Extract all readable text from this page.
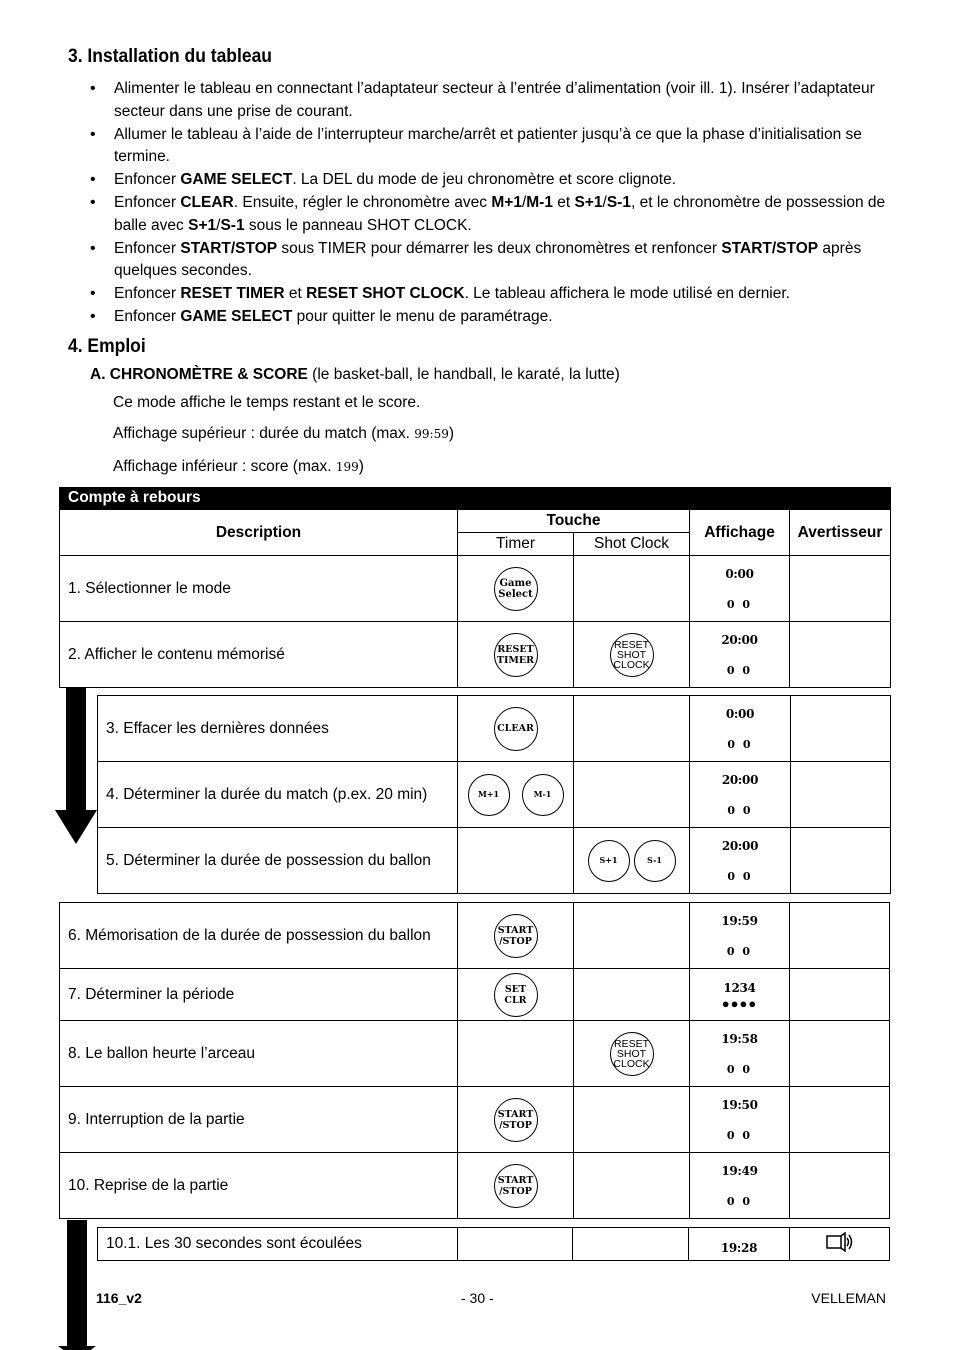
3. Installation du tableau
• Alimenter le tableau en connectant l’adaptateur secteur à l’entrée d’alimentation (voir ill. 1). Insérer l’adaptateur secteur dans une prise de courant.
• Allumer le tableau à l’aide de l’interrupteur marche/arrêt et patienter jusqu’à ce que la phase d’initialisation se termine.
• Enfoncer GAME SELECT. La DEL du mode de jeu chronomètre et score clignote.
• Enfoncer CLEAR. Ensuite, régler le chronomètre avec M+1/M-1 et S+1/S-1, et le chronomètre de possession de balle avec S+1/S-1 sous le panneau SHOT CLOCK.
• Enfoncer START/STOP sous TIMER pour démarrer les deux chronomètres et renfoncer START/STOP après quelques secondes.
• Enfoncer RESET TIMER et RESET SHOT CLOCK. Le tableau affichera le mode utilisé en dernier.
• Enfoncer GAME SELECT pour quitter le menu de paramétrage.
4. Emploi
A. CHRONOMÈTRE & SCORE (le basket-ball, le handball, le karaté, la lutte)
Ce mode affiche le temps restant et le score.
Affichage supérieur : durée du match (max. 99:59)
Affichage inférieur : score (max. 199)
Compte à rebours
Description	Touche		Affichage	Avertisseur
	Timer	Shot Clock		
1. Sélectionner le mode	Game
Select		0:00
0 0	

2. Afficher le contenu mémorisé	RESET
TIMER	RESET
SHOT
CLOCK	20:00
0 0	

3. Effacer les dernières données	CLEAR		0:00
0 0	

4. Déterminer la durée du match (p.ex. 20 min)	M+1 M-1		20:00
0 0	

5. Déterminer la durée de possession du ballon		S+1 S-1	20:00
0 0	

6. Mémorisation de la durée de possession du ballon	START
/STOP		19:59
0 0	

7. Déterminer la période	SET
CLR		1234
●●●●	

8. Le ballon heurte l’arceau		RESET
SHOT
CLOCK	19:58
0 0	

9. Interruption de la partie	START
/STOP		19:50
0 0	

10. Reprise de la partie	START
/STOP		19:49
0 0	

10.1. Les 30 secondes sont écoulées			19:28	
116_v2	- 30 -	VELLEMAN
